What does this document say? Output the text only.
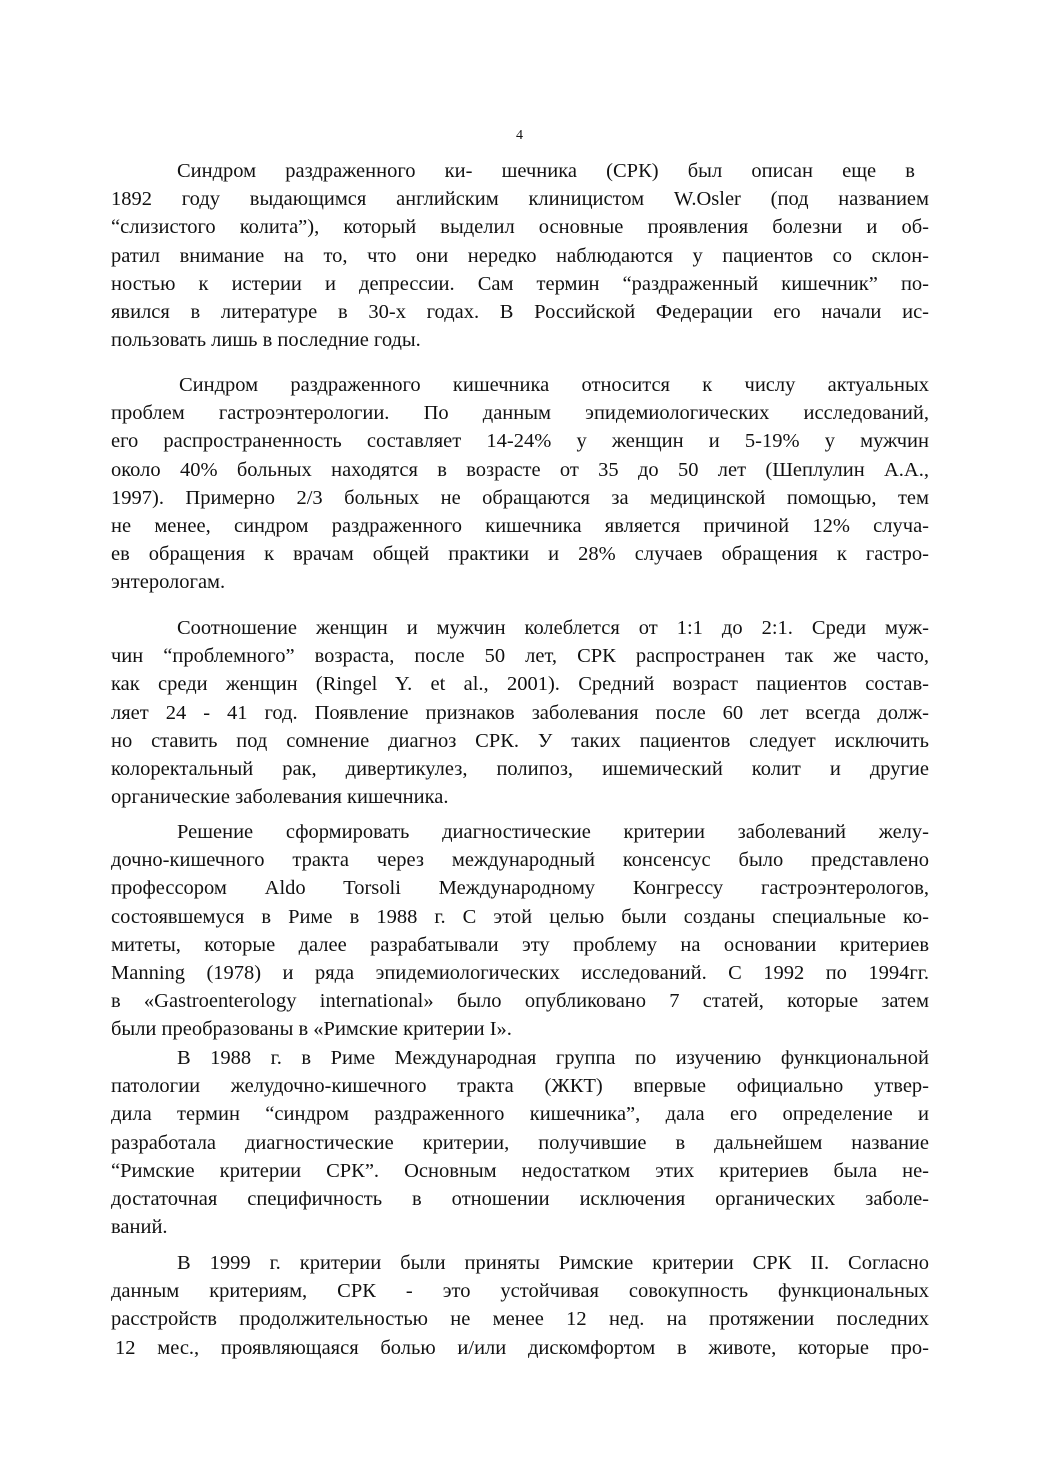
4
Синдром раздраженного ки- шечника (СРК) был описан еще в
1892 году выдающимся английским клиницистом W.Osler (под названием
“слизистого колита”), который выделил основные проявления болезни и об-
ратил внимание на то, что они нередко наблюдаются у пациентов со склон-
ностью к истерии и депрессии. Сам термин “раздраженный кишечник” по-
явился в литературе в 30-х годах. В Российской Федерации его начали ис-
пользовать лишь в последние годы.
Синдром раздраженного кишечника относится к числу актуальных
проблем гастроэнтерологии. По данным эпидемиологических исследований,
его распространенность составляет 14-24% у женщин и 5-19% у мужчин
около 40% больных находятся в возрасте от 35 до 50 лет (Шеплулин А.А.,
1997). Примерно 2/3 больных не обращаются за медицинской помощью, тем
не менее, синдром раздраженного кишечника является причиной 12% случа-
ев обращения к врачам общей практики и 28% случаев обращения к гастро-
энтерологам.
Соотношение женщин и мужчин колеблется от 1:1 до 2:1. Среди муж-
чин “проблемного” возраста, после 50 лет, СРК распространен так же часто,
как среди женщин (Ringel Y. et al., 2001). Средний возраст пациентов состав-
ляет 24 - 41 год. Появление признаков заболевания после 60 лет всегда долж-
но ставить под сомнение диагноз СРК. У таких пациентов следует исключить
колоректальный рак, дивертикулез, полипоз, ишемический колит и другие
органические заболевания кишечника.
Решение сформировать диагностические критерии заболеваний желу-
дочно-кишечного тракта через международный консенсус было представлено
профессором Aldo Torsoli Международному Конгрессу гастроэнтерологов,
состоявшемуся в Риме в 1988 г. С этой целью были созданы специальные ко-
митеты, которые далее разрабатывали эту проблему на основании критериев
Manning (1978) и ряда эпидемиологических исследований. С 1992 по 1994гг.
в «Gastroenterology international» было опубликовано 7 статей, которые затем
были преобразованы в «Римские критерии I».
В 1988 г. в Риме Международная группа по изучению функциональной
патологии желудочно-кишечного тракта (ЖКТ) впервые официально утвер-
дила термин “синдром раздраженного кишечника”, дала его определение и
разработала диагностические критерии, получившие в дальнейшем название
“Римские критерии СРК”. Основным недостатком этих критериев была не-
достаточная специфичность в отношении исключения органических заболе-
ваний.
В 1999 г. критерии были приняты Римские критерии СРК II. Согласно
данным критериям, СРК - это устойчивая совокупность функциональных
расстройств продолжительностью не менее 12 нед. на протяжении последних
12 мес., проявляющаяся болью и/или дискомфортом в животе, которые про-
